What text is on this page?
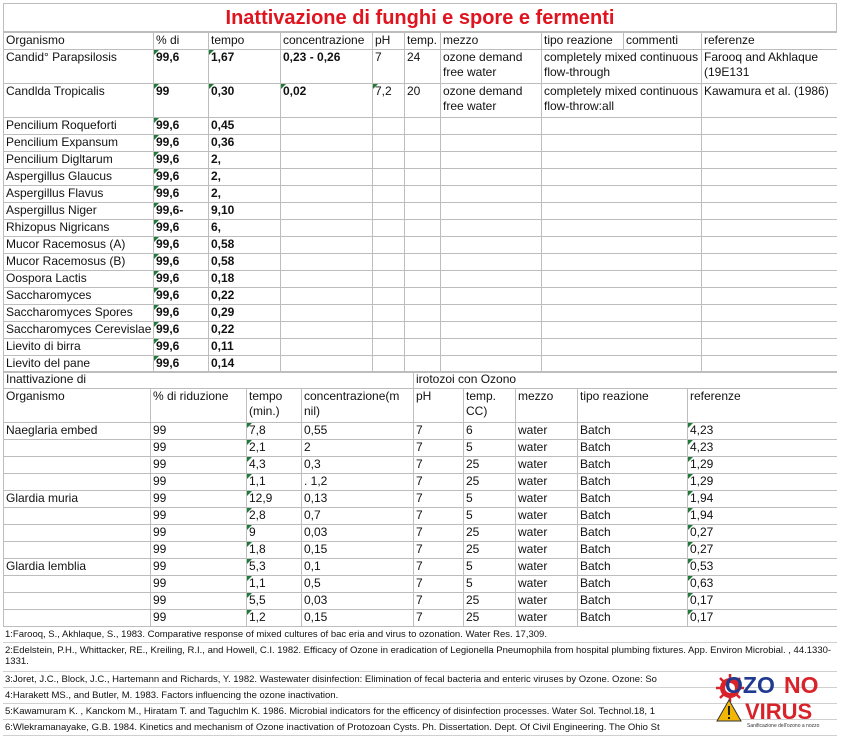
Inattivazione di funghi e spore e fermenti
Organismo	% di	tempo	concentrazione	pH	temp.	mezzo	tipo reazione	commenti	referenze
Candid° Parapsilosis	99,6	1,67	0,23 - 0,26	7	24	ozone demand free water	completely mixed continuous flow-through		Farooq and Akhlaque (19E131
Candlda Tropicalis	99	0,30	0,02	7,2	20	ozone demand free water	completely mixed continuous flow-throw:all		Kawamura et al. (1986)
Pencilium Roqueforti	99,6	0,45							
Pencilium Expansum	99,6	0,36							
Pencilium Digltarum	99,6	2,							
Aspergillus Glaucus	99,6	2,							
Aspergillus Flavus	99,6	2,							
Aspergillus Niger	99,6-	9,10							
Rhizopus Nigricans	99,6	6,							
Mucor Racemosus (A)	99,6	0,58							
Mucor Racemosus (B)	99,6	0,58							
Oospora Lactis	99,6	0,18							
Saccharomyces	99,6	0,22							
Saccharomyces Spores	99,6	0,29							
Saccharomyces Cerevislae	99,6	0,22							
Lievito di birra	99,6	0,11							
Lievito del pane	99,6	0,14							
Inattivazione di				irotozoi con Ozono				
Organismo	% di riduzione	tempo (min.)	concentrazione(m nil)	pH	temp. CC)	mezzo	tipo reazione	referenze
Naeglaria embed	99	7,8	0,55	7	6	water	Batch	4,23
	99	2,1	2	7	5	water	Batch	4,23
	99	4,3	0,3	7	25	water	Batch	1,29
	99	1,1	. 1,2	7	25	water	Batch	1,29
Glardia muria	99	12,9	0,13	7	5	water	Batch	1,94
	99	2,8	0,7	7	5	water	Batch	1,94
	99	9	0,03	7	25	water	Batch	0,27
	99	1,8	0,15	7	25	water	Batch	0,27
Glardia lemblia	99	5,3	0,1	7	5	water	Batch	0,53
	99	1,1	0,5	7	5	water	Batch	0,63
	99	5,5	0,03	7	25	water	Batch	0,17
	99	1,2	0,15	7	25	water	Batch	0,17
1:Farooq, S., Akhlaque, S., 1983. Comparative response of mixed cultures of bac eria and virus to ozonation. Water Res. 17,309.
2:Edelstein, P.H., Whittacker, RE., Kreiling, R.I., and Howell, C.I. 1982. Efficacy of Ozone in eradication of Legionella Pneumophila from hospital plumbing fixtures. App. Environ Microbial. , 44.1330-1331.
3:Joret, J.C., Block, J.C., Hartemann and Richards, Y. 1982. Wastewater disinfection: Elimination of fecal bacteria and enteric viruses by Ozone. Ozone: So
4:Harakett MS., and Butler, M. 1983. Factors influencing the ozone inactivation.
5:Kawamuram K. , Kanckom M., Hiratam T. and Taguchlm K. 1986. Microbial indicators for the efficency of disinfection processes. Water Sol. Technol.18, 1
6:Wlekramanayake, G.B. 1984. Kinetics and mechanism of Ozone inactivation of Protozoan Cysts. Ph. Dissertation. Dept. Of Civil Engineering. The Ohio St
OZO NO
VIRUS
Sanificazione dell'ozono a nozzo
